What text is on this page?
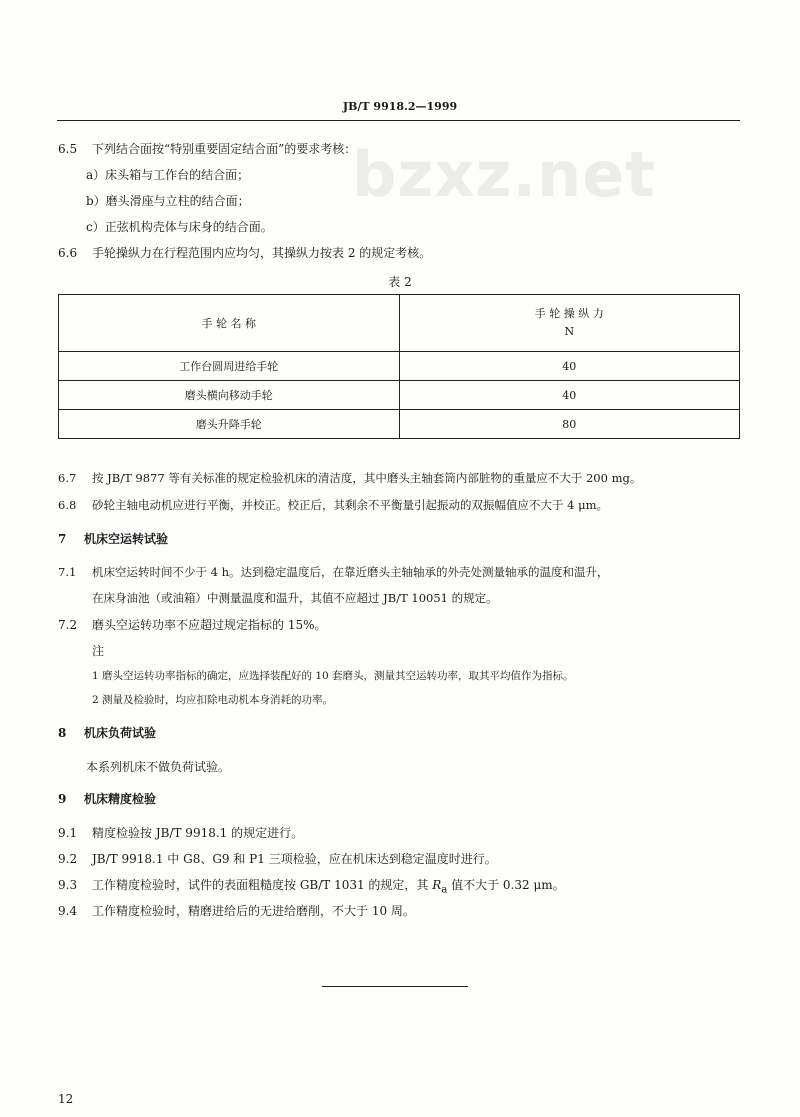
JB/T 9918.2—1999
bzxz.net
6.5 下列结合面按“特别重要固定结合面”的要求考核：
a）床头箱与工作台的结合面；
b）磨头滑座与立柱的结合面；
c）正弦机构壳体与床身的结合面。
6.6 手轮操纵力在行程范围内应均匀，其操纵力按表 2 的规定考核。
表 2
手 轮 名 称	手 轮 操 纵 力
N

工作台圆周进给手轮	40
磨头横向移动手轮	40
磨头升降手轮	80
6.7 按 JB/T 9877 等有关标准的规定检验机床的清洁度，其中磨头主轴套筒内部脏物的重量应不大于 200 mg。
6.8 砂轮主轴电动机应进行平衡，并校正。校正后，其剩余不平衡量引起振动的双振幅值应不大于 4 μm。
7 机床空运转试验
7.1 机床空运转时间不少于 4 h。达到稳定温度后，在靠近磨头主轴轴承的外壳处测量轴承的温度和温升，
在床身油池（或油箱）中测量温度和温升，其值不应超过 JB/T 10051 的规定。
7.2 磨头空运转功率不应超过规定指标的 15%。
注
1 磨头空运转功率指标的确定，应选择装配好的 10 套磨头，测量其空运转功率，取其平均值作为指标。
2 测量及检验时，均应扣除电动机本身消耗的功率。
8 机床负荷试验
本系列机床不做负荷试验。
9 机床精度检验
9.1 精度检验按 JB/T 9918.1 的规定进行。
9.2 JB/T 9918.1 中 G8、G9 和 P1 三项检验，应在机床达到稳定温度时进行。
9.3 工作精度检验时，试件的表面粗糙度按 GB/T 1031 的规定，其 $R_a$ 值不大于 0.32 μm。
9.4 工作精度检验时，精磨进给后的无进给磨削，不大于 10 周。
12
